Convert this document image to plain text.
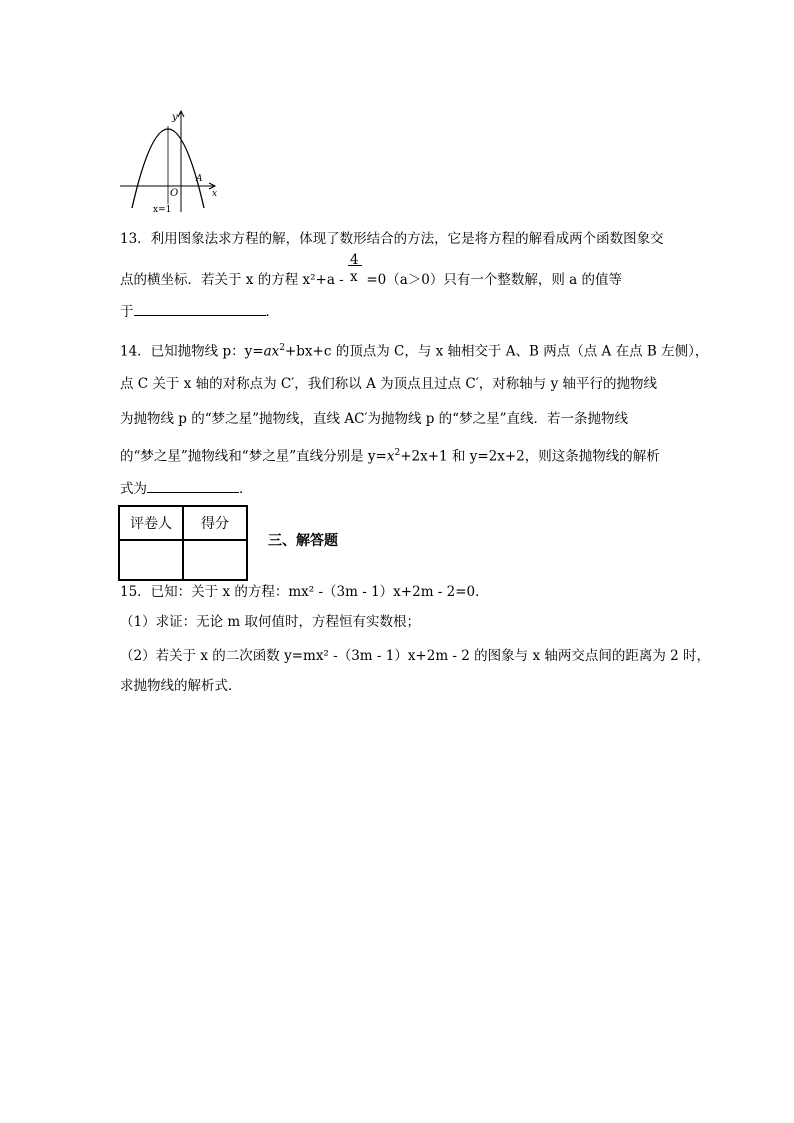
y
O
A
x
x=1
13．利用图象法求方程的解，体现了数形结合的方法，它是将方程的解看成两个函数图象交
点的横坐标．若关于 x 的方程 $x^2+a - \frac{4}{x} =0(a>0)$只有一个整数解，则 a 的值等
于	．
14．已知抛物线 p：$y=ax^2+bx+c$ 的顶点为 C，与 x 轴相交于 A、B 两点（点 A 在点 B 左侧），
点 C 关于 x 轴的对称点为 C′，我们称以 A 为顶点且过点 C′，对称轴与 y 轴平行的抛物线
为抛物线 p 的“梦之星”抛物线，直线 AC′为抛物线 p 的“梦之星”直线．若一条抛物线
的“梦之星”抛物线和“梦之星”直线分别是 $y=x^2+2x+1$ 和 y=2x+2，则这条抛物线的解析
式为	．
评卷人	得分

三、解答题
15．已知：关于 x 的方程：mx² -（3m - 1）x+2m - 2=0．
（1）求证：无论 m 取何值时，方程恒有实数根；
（2）若关于 x 的二次函数 y=mx² -（3m - 1）x+2m - 2 的图象与 x 轴两交点间的距离为 2 时，
求抛物线的解析式．
